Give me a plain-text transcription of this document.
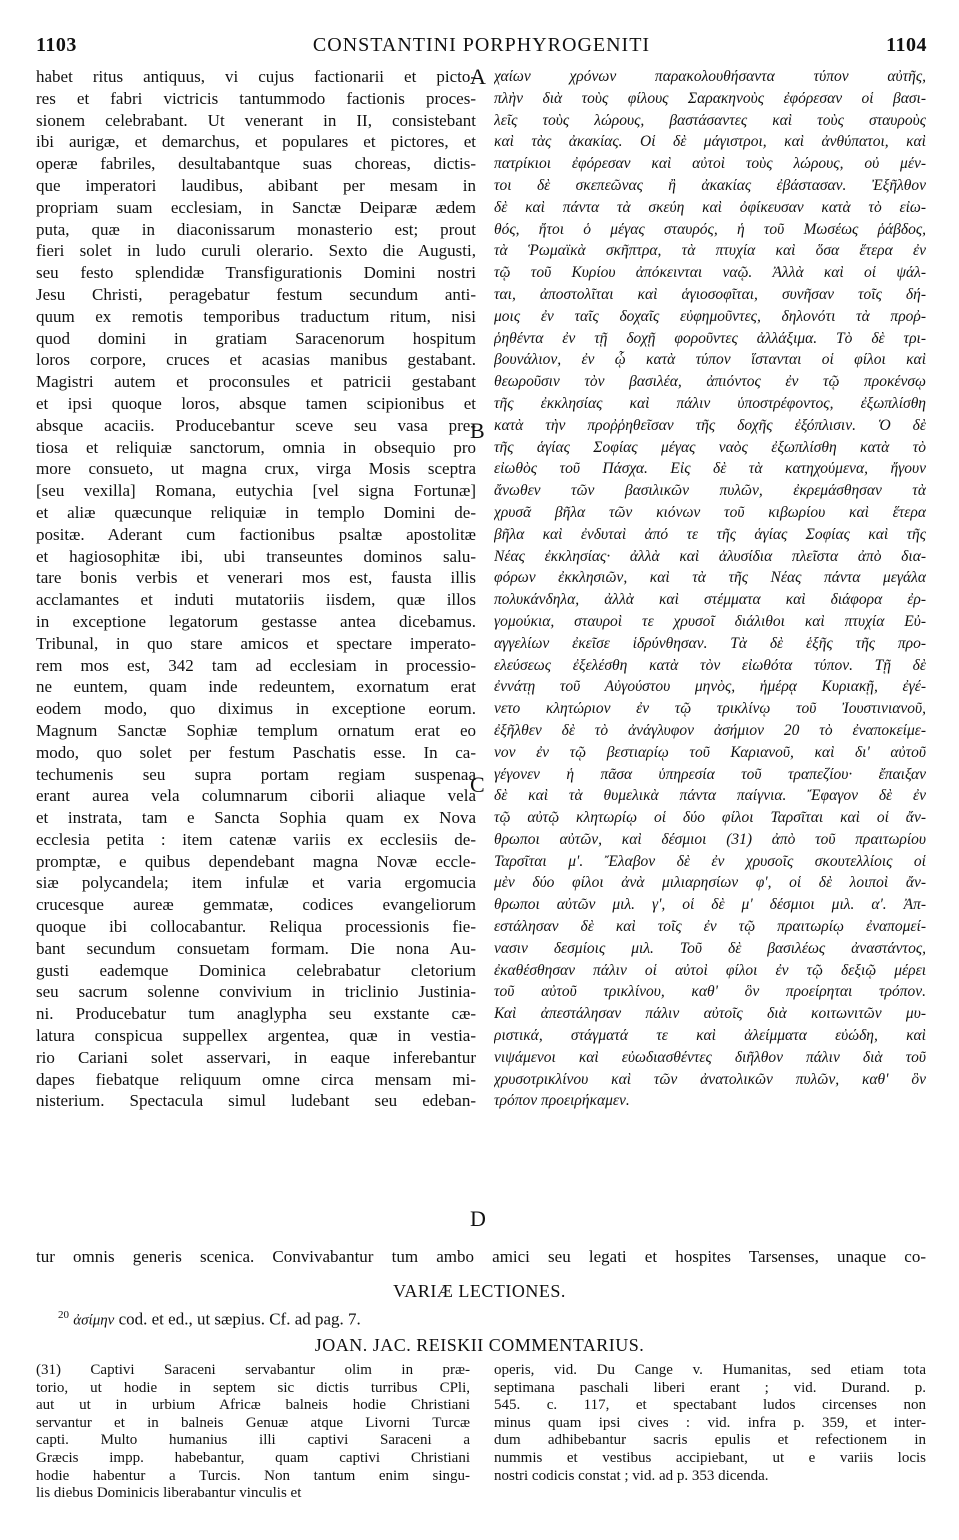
1103	CONSTANTINI PORPHYROGENITI	1104
habet ritus antiquus, vi cujus factionarii et picto-
res et fabri victricis tantummodo factionis proces-
sionem celebrabant. Ut venerant in II, consistebant
ibi aurigæ, et demarchus, et populares et pictores, et
operæ fabriles, desultabantque suas choreas, dictis-
que imperatori laudibus, abibant per mesam in
propriam suam ecclesiam, in Sanctæ Deiparæ ædem
puta, quæ in diaconissarum monasterio est; prout
fieri solet in ludo curuli olerario. Sexto die Augusti,
seu festo splendidæ Transfigurationis Domini nostri
Jesu Christi, peragebatur festum secundum anti-
quum ex remotis temporibus traductum ritum, nisi
quod domini in gratiam Saracenorum hospitum
loros corpore, cruces et acasias manibus gestabant.
Magistri autem et proconsules et patricii gestabant
et ipsi quoque loros, absque tamen scipionibus et
absque acaciis. Producebantur sceve seu vasa pre-
tiosa et reliquiæ sanctorum, omnia in obsequio pro
more consueto, ut magna crux, virga Mosis sceptra
[seu vexilla] Romana, eutychia [vel signa Fortunæ]
et aliæ quæcunque reliquiæ in templo Domini de-
positæ. Aderant cum factionibus psaltæ apostolitæ
et hagiosophitæ ibi, ubi transeuntes dominos salu-
tare bonis verbis et venerari mos est, fausta illis
acclamantes et induti mutatoriis iisdem, quæ illos
in exceptione legatorum gestasse antea dicebamus.
Tribunal, in quo stare amicos et spectare imperato-
rem mos est, 342 tam ad ecclesiam in processio-
ne euntem, quam inde redeuntem, exornatum erat
eodem modo, quo diximus in exceptione eorum.
Magnum Sanctæ Sophiæ templum ornatum erat eo
modo, quo solet per festum Paschatis esse. In ca-
techumenis seu supra portam regiam suspenaa
erant aurea vela columnarum ciborii aliaque vela
et instrata, tam e Sancta Sophia quam ex Nova
ecclesia petita : item catenæ variis ex ecclesiis de-
promptæ, e quibus dependebant magna Novæ eccle-
siæ polycandela; item infulæ et varia ergomucia
crucesque aureæ gemmatæ, codices evangeliorum
quoque ibi collocabantur. Reliqua processionis fie-
bant secundum consuetam formam. Die nona Au-
gusti eademque Dominica celebrabatur cletorium
seu sacrum solenne convivium in triclinio Justinia-
ni. Producebatur tum anaglypha seu exstante cæ-
latura conspicua suppellex argentea, quæ in vestia-
rio Cariani solet asservari, in eaque inferebantur
dapes fiebatque reliquum omne circa mensam mi-
nisterium. Spectacula simul ludebant seu edeban-
χαίων χρόνων παρακολουθήσαντα τύπον αὐτῆς,
πλὴν διὰ τοὺς φίλους Σαρακηνοὺς ἐφόρεσαν οἱ βασι-
λεῖς τοὺς λώρους, βαστάσαντες καὶ τοὺς σταυροὺς
καὶ τὰς ἀκακίας. Οἱ δὲ μάγιστροι, καὶ ἀνθύπατοι, καὶ
πατρίκιοι ἐφόρεσαν καὶ αὐτοὶ τοὺς λώρους, οὐ μέν-
τοι δὲ σκεπεῶνας ἢ ἀκακίας ἐβάστασαν. Ἐξῆλθον
δὲ καὶ πάντα τὰ σκεύη καὶ ὀφίκευσαν κατὰ τὸ εἰω-
θός, ἤτοι ὁ μέγας σταυρός, ἡ τοῦ Μωσέως ῥάβδος,
τὰ Ῥωμαϊκὰ σκῆπτρα, τὰ πτυχία καὶ ὅσα ἕτερα ἐν
τῷ τοῦ Κυρίου ἀπόκεινται ναῷ. Ἀλλὰ καὶ οἱ ψάλ-
ται, ἀποστολῖται καὶ ἁγιοσοφῖται, συνῆσαν τοῖς δή-
μοις ἐν ταῖς δοχαῖς εὐφημοῦντες, δηλονότι τὰ προῤ-
ῥηθέντα ἐν τῇ δοχῇ φοροῦντες ἀλλάξιμα. Τὸ δὲ τρι-
βουνάλιον, ἐν ᾧ κατὰ τύπον ἵστανται οἱ φίλοι καὶ
θεωροῦσιν τὸν βασιλέα, ἀπιόντος ἐν τῷ προκένσῳ
τῆς ἐκκλησίας καὶ πάλιν ὑποστρέφοντος, ἐξωπλίσθη
κατὰ τὴν προῤῥηθεῖσαν τῆς δοχῆς ἐξόπλισιν. Ὁ δὲ
τῆς ἁγίας Σοφίας μέγας ναὸς ἐξωπλίσθη κατὰ τὸ
εἰωθὸς τοῦ Πάσχα. Εἰς δὲ τὰ κατηχούμενα, ἤγουν
ἄνωθεν τῶν βασιλικῶν πυλῶν, ἐκρεμάσθησαν τὰ
χρυσᾶ βῆλα τῶν κιόνων τοῦ κιβωρίου καὶ ἕτερα
βῆλα καὶ ἐνδυταὶ ἀπό τε τῆς ἁγίας Σοφίας καὶ τῆς
Νέας ἐκκλησίας· ἀλλὰ καὶ ἁλυσίδια πλεῖστα ἀπὸ δια-
φόρων ἐκκλησιῶν, καὶ τὰ τῆς Νέας πάντα μεγάλα
πολυκάνδηλα, ἀλλὰ καὶ στέμματα καὶ διάφορα ἐρ-
γομούκια, σταυροὶ τε χρυσοῖ διάλιθοι καὶ πτυχία Εὐ-
αγγελίων ἐκεῖσε ἱδρύνθησαν. Τὰ δὲ ἑξῆς τῆς προ-
ελεύσεως ἐξελέσθη κατὰ τὸν εἰωθότα τύπον. Τῇ δὲ
ἐννάτῃ τοῦ Αὐγούστου μηνὸς, ἡμέρᾳ Κυριακῇ, ἐγέ-
νετο κλητώριον ἐν τῷ τρικλίνῳ τοῦ Ἰουστινιανοῦ,
ἐξῆλθεν δὲ τὸ ἀνάγλυφον ἀσήμιον 20 τὸ ἐναποκείμε-
νον ἐν τῷ βεστιαρίῳ τοῦ Καριανοῦ, καὶ δι' αὐτοῦ
γέγονεν ἡ πᾶσα ὑπηρεσία τοῦ τραπεζίου· ἔπαιξαν
δὲ καὶ τὰ θυμελικὰ πάντα παίγνια. Ἔφαγον δὲ ἐν
τῷ αὐτῷ κλητωρίῳ οἱ δύο φίλοι Ταρσῖται καὶ οἱ ἄν-
θρωποι αὐτῶν, καὶ δέσμιοι (31) ἀπὸ τοῦ πραιτωρίου
Ταρσῖται μ'. Ἔλαβον δὲ ἐν χρυσοῖς σκουτελλίοις οἱ
μὲν δύο φίλοι ἀνὰ μιλιαρησίων φ', οἱ δὲ λοιποὶ ἄν-
θρωποι αὐτῶν μιλ. γ', οἱ δὲ μ' δέσμιοι μιλ. α'. Ἀπ-
εστάλησαν δὲ καὶ τοῖς ἐν τῷ πραιτωρίῳ ἐναπομεί-
νασιν δεσμίοις μιλ. Τοῦ δὲ βασιλέως ἀναστάντος,
ἐκαθέσθησαν πάλιν οἱ αὐτοὶ φίλοι ἐν τῷ δεξιῷ μέρει
τοῦ αὐτοῦ τρικλίνου, καθ' ὃν προείρηται τρόπον.
Καὶ ἀπεστάλησαν πάλιν αὐτοῖς διὰ κοιτωνιτῶν μυ-
ριστικά, στάγματά τε καὶ ἀλείμματα εὐώδη, καὶ
νιψάμενοι καὶ εὐωδιασθέντες διῆλθον πάλιν διὰ τοῦ
χρυσοτρικλίνου καὶ τῶν ἀνατολικῶν πυλῶν, καθ' ὃν
τρόπον προειρήκαμεν.
A
B
C
D
tur omnis generis scenica. Convivabantur tum ambo amici seu legati et hospites Tarsenses, unaque co-
VARIÆ LECTIONES.
$^{20}$ ἀσίμην cod. et ed., ut sæpius. Cf. ad pag. 7.
JOAN. JAC. REISKII COMMENTARIUS.
(31) Captivi Saraceni servabantur olim in præ-
torio, ut hodie in septem sic dictis turribus CPli,
aut ut in urbium Africæ balneis hodie Christiani
servantur et in balneis Genuæ atque Livorni Turcæ
capti. Multo humanius illi captivi Saraceni a
Græcis impp. habebantur, quam captivi Christiani
hodie habentur a Turcis. Non tantum enim singu-
lis diebus Dominicis liberabantur vinculis et
operis, vid. Du Cange v. Humanitas, sed etiam tota
septimana paschali liberi erant ; vid. Durand. p.
545. c. 117, et spectabant ludos circenses non
minus quam ipsi cives : vid. infra p. 359, et inter-
dum adhibebantur sacris epulis et refectionem in
nummis et vestibus accipiebant, ut e variis locis
nostri codicis constat ; vid. ad p. 353 dicenda.
